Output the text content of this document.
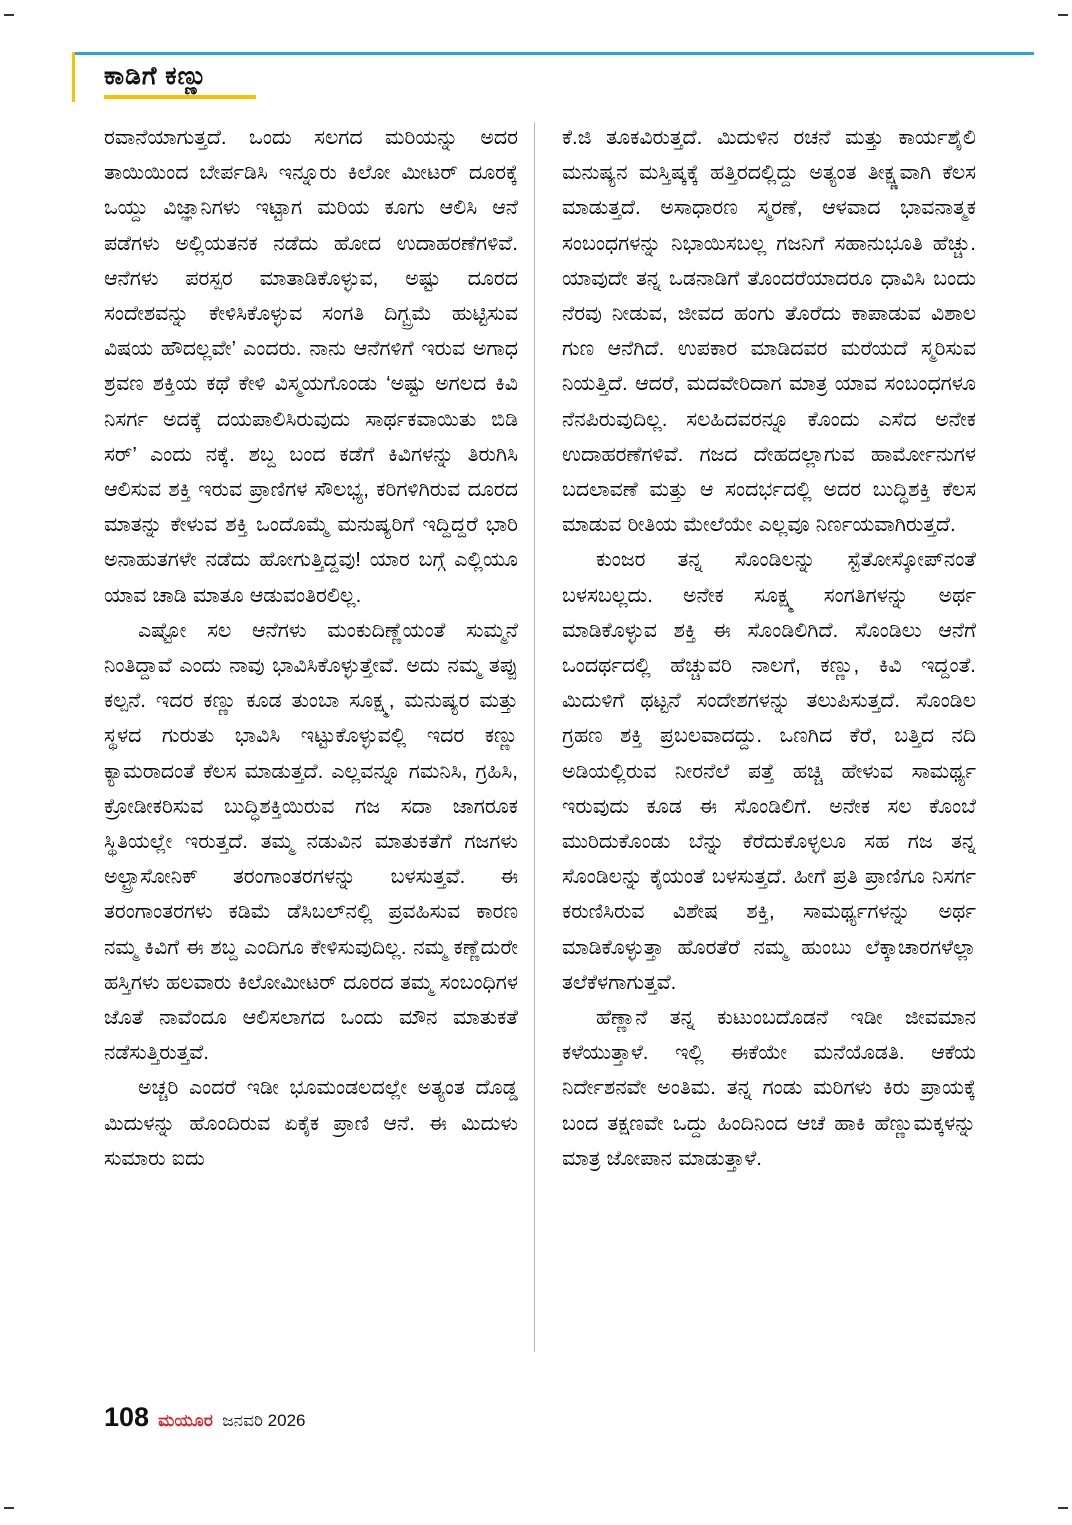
ಕಾಡಿಗೆ ಕಣ್ಣು

ರವಾನೆಯಾಗುತ್ತದೆ. ಒಂದು ಸಲಗದ ಮರಿಯನ್ನು ಅದರ ತಾಯಿಯಿಂದ ಬೇರ್ಪಡಿಸಿ ಇನ್ನೂರು ಕಿಲೋ ಮೀಟರ್ ದೂರಕ್ಕೆ ಒಯ್ದು ವಿಜ್ಞಾನಿಗಳು ಇಟ್ಟಾಗ ಮರಿಯ ಕೂಗು ಆಲಿಸಿ ಆನೆ ಪಡೆಗಳು ಅಲ್ಲಿಯತನಕ ನಡೆದು ಹೋದ ಉದಾಹರಣೆಗಳಿವೆ. ಆನೆಗಳು ಪರಸ್ಪರ ಮಾತಾಡಿಕೊಳ್ಳುವ, ಅಷ್ಟು ದೂರದ ಸಂದೇಶವನ್ನು ಕೇಳಿಸಿಕೊಳ್ಳುವ ಸಂಗತಿ ದಿಗ್ಬ್ರಮೆ ಹುಟ್ಟಿಸುವ ವಿಷಯ ಹೌದಲ್ಲವೇ’ ಎಂದರು. ನಾನು ಆನೆಗಳಿಗೆ ಇರುವ ಅಗಾಧ ಶ್ರವಣ ಶಕ್ತಿಯ ಕಥೆ ಕೇಳಿ ವಿಸ್ಮಯಗೊಂಡು ‘ಅಷ್ಟು ಅಗಲದ ಕಿವಿ ನಿಸರ್ಗ ಅದಕ್ಕೆ ದಯಪಾಲಿಸಿರುವುದು ಸಾರ್ಥಕವಾಯಿತು ಬಿಡಿ ಸರ್’ ಎಂದು ನಕ್ಕೆ. ಶಬ್ದ ಬಂದ ಕಡೆಗೆ ಕಿವಿಗಳನ್ನು ತಿರುಗಿಸಿ ಆಲಿಸುವ ಶಕ್ತಿ ಇರುವ ಪ್ರಾಣಿಗಳ ಸೌಲಭ್ಯ, ಕರಿಗಳಿಗಿರುವ ದೂರದ ಮಾತನ್ನು ಕೇಳುವ ಶಕ್ತಿ ಒಂದೊಮ್ಮೆ ಮನುಷ್ಯರಿಗೆ ಇದ್ದಿದ್ದರೆ ಭಾರಿ ಅನಾಹುತಗಳೇ ನಡೆದು ಹೋಗುತ್ತಿದ್ದವು! ಯಾರ ಬಗ್ಗೆ ಎಲ್ಲಿಯೂ ಯಾವ ಚಾಡಿ ಮಾತೂ ಆಡುವಂತಿರಲಿಲ್ಲ.

ಎಷ್ಟೋ ಸಲ ಆನೆಗಳು ಮಂಕುದಿಣ್ಣೆಯಂತೆ ಸುಮ್ಮನೆ ನಿಂತಿದ್ದಾವೆ ಎಂದು ನಾವು ಭಾವಿಸಿಕೊಳ್ಳುತ್ತೇವೆ. ಅದು ನಮ್ಮ ತಪ್ಪು ಕಲ್ಪನೆ. ಇದರ ಕಣ್ಣು ಕೂಡ ತುಂಬಾ ಸೂಕ್ಷ್ಮ, ಮನುಷ್ಯರ ಮತ್ತು ಸ್ಥಳದ ಗುರುತು ಭಾವಿಸಿ ಇಟ್ಟುಕೊಳ್ಳುವಲ್ಲಿ ಇದರ ಕಣ್ಣು ಕ್ಯಾಮರಾದಂತೆ ಕೆಲಸ ಮಾಡುತ್ತದೆ. ಎಲ್ಲವನ್ನೂ ಗಮನಿಸಿ, ಗ್ರಹಿಸಿ, ಕ್ರೋಡೀಕರಿಸುವ ಬುದ್ಧಿಶಕ್ತಿಯಿರುವ ಗಜ ಸದಾ ಜಾಗರೂಕ ಸ್ಥಿತಿಯಲ್ಲೇ ಇರುತ್ತದೆ. ತಮ್ಮ ನಡುವಿನ ಮಾತುಕತೆಗೆ ಗಜಗಳು ಅಲ್ಟ್ರಾಸೋನಿಕ್ ತರಂಗಾಂತರಗಳನ್ನು ಬಳಸುತ್ತವೆ. ಈ ತರಂಗಾಂತರಗಳು ಕಡಿಮೆ ಡೆಸಿಬಲ್‌ನಲ್ಲಿ ಪ್ರವಹಿಸುವ ಕಾರಣ ನಮ್ಮ ಕಿವಿಗೆ ಈ ಶಬ್ದ ಎಂದಿಗೂ ಕೇಳಿಸುವುದಿಲ್ಲ. ನಮ್ಮ ಕಣ್ಣೆದುರೇ ಹಸ್ತಿಗಳು ಹಲವಾರು ಕಿಲೋಮೀಟರ್ ದೂರದ ತಮ್ಮ ಸಂಬಂಧಿಗಳ ಜೊತೆ ನಾವೆಂದೂ ಆಲಿಸಲಾಗದ ಒಂದು ಮೌನ ಮಾತುಕತೆ ನಡೆಸುತ್ತಿರುತ್ತವೆ.

ಅಚ್ಚರಿ ಎಂದರೆ ಇಡೀ ಭೂಮಂಡಲದಲ್ಲೇ ಅತ್ಯಂತ ದೊಡ್ಡ ಮಿದುಳನ್ನು ಹೊಂದಿರುವ ಏಕೈಕ ಪ್ರಾಣಿ ಆನೆ. ಈ ಮಿದುಳು ಸುಮಾರು ಐದು

ಕೆ.ಜಿ ತೂಕವಿರುತ್ತದೆ. ಮಿದುಳಿನ ರಚನೆ ಮತ್ತು ಕಾರ್ಯಶೈಲಿ ಮನುಷ್ಯನ ಮಸ್ತಿಷ್ಕಕ್ಕೆ ಹತ್ತಿರದಲ್ಲಿದ್ದು ಅತ್ಯಂತ ತೀಕ್ಷ್ಣವಾಗಿ ಕೆಲಸ ಮಾಡುತ್ತದೆ. ಅಸಾಧಾರಣ ಸ್ಮರಣೆ, ಆಳವಾದ ಭಾವನಾತ್ಮಕ ಸಂಬಂಧಗಳನ್ನು ನಿಭಾಯಿಸಬಲ್ಲ ಗಜನಿಗೆ ಸಹಾನುಭೂತಿ ಹೆಚ್ಚು. ಯಾವುದೇ ತನ್ನ ಒಡನಾಡಿಗೆ ತೊಂದರೆಯಾದರೂ ಧಾವಿಸಿ ಬಂದು ನೆರವು ನೀಡುವ, ಜೀವದ ಹಂಗು ತೊರೆದು ಕಾಪಾಡುವ ವಿಶಾಲ ಗುಣ ಆನೆಗಿದೆ. ಉಪಕಾರ ಮಾಡಿದವರ ಮರೆಯದೆ ಸ್ಮರಿಸುವ ನಿಯತ್ತಿದೆ. ಆದರೆ, ಮದವೇರಿದಾಗ ಮಾತ್ರ ಯಾವ ಸಂಬಂಧಗಳೂ ನೆನಪಿರುವುದಿಲ್ಲ. ಸಲಹಿದವರನ್ನೂ ಕೊಂದು ಎಸೆದ ಅನೇಕ ಉದಾಹರಣೆಗಳಿವೆ. ಗಜದ ದೇಹದಲ್ಲಾಗುವ ಹಾರ್ಮೋನುಗಳ ಬದಲಾವಣೆ ಮತ್ತು ಆ ಸಂದರ್ಭದಲ್ಲಿ ಅದರ ಬುದ್ಧಿಶಕ್ತಿ ಕೆಲಸ ಮಾಡುವ ರೀತಿಯ ಮೇಲೆಯೇ ಎಲ್ಲವೂ ನಿರ್ಣಯವಾಗಿರುತ್ತದೆ.

ಕುಂಜರ ತನ್ನ ಸೊಂಡಿಲನ್ನು ಸ್ಟೆತೋಸ್ಕೋಪ್‌ನಂತೆ ಬಳಸಬಲ್ಲದು. ಅನೇಕ ಸೂಕ್ಷ್ಮ ಸಂಗತಿಗಳನ್ನು ಅರ್ಥ ಮಾಡಿಕೊಳ್ಳುವ ಶಕ್ತಿ ಈ ಸೊಂಡಿಲಿಗಿದೆ. ಸೊಂಡಿಲು ಆನೆಗೆ ಒಂದರ್ಥದಲ್ಲಿ ಹೆಚ್ಚುವರಿ ನಾಲಗೆ, ಕಣ್ಣು, ಕಿವಿ ಇದ್ದಂತೆ. ಮಿದುಳಿಗೆ ಥಟ್ಟನೆ ಸಂದೇಶಗಳನ್ನು ತಲುಪಿಸುತ್ತದೆ. ಸೊಂಡಿಲ ಗ್ರಹಣ ಶಕ್ತಿ ಪ್ರಬಲವಾದದ್ದು. ಒಣಗಿದ ಕೆರೆ, ಬತ್ತಿದ ನದಿ ಅಡಿಯಲ್ಲಿರುವ ನೀರನೆಲೆ ಪತ್ತೆ ಹಚ್ಚಿ ಹೇಳುವ ಸಾಮರ್ಥ್ಯ ಇರುವುದು ಕೂಡ ಈ ಸೊಂಡಿಲಿಗೆ. ಅನೇಕ ಸಲ ಕೊಂಬೆ ಮುರಿದುಕೊಂಡು ಬೆನ್ನು ಕೆರೆದುಕೊಳ್ಳಲೂ ಸಹ ಗಜ ತನ್ನ ಸೊಂಡಿಲನ್ನು ಕೈಯಂತೆ ಬಳಸುತ್ತದೆ. ಹೀಗೆ ಪ್ರತಿ ಪ್ರಾಣಿಗೂ ನಿಸರ್ಗ ಕರುಣಿಸಿರುವ ವಿಶೇಷ ಶಕ್ತಿ, ಸಾಮರ್ಥ್ಯಗಳನ್ನು ಅರ್ಥ ಮಾಡಿಕೊಳ್ಳುತ್ತಾ ಹೊರತೆರೆ ನಮ್ಮ ಹುಂಬು ಲೆಕ್ಕಾಚಾರಗಳೆಲ್ಲಾ ತಲೆಕೆಳಗಾಗುತ್ತವೆ.

ಹೆಣ್ಣಾನೆ ತನ್ನ ಕುಟುಂಬದೊಡನೆ ಇಡೀ ಜೀವಮಾನ ಕಳೆಯುತ್ತಾಳೆ. ಇಲ್ಲಿ ಈಕೆಯೇ ಮನೆಯೊಡತಿ. ಆಕೆಯ ನಿರ್ದೇಶನವೇ ಅಂತಿಮ. ತನ್ನ ಗಂಡು ಮರಿಗಳು ಕಿರು ಪ್ರಾಯಕ್ಕೆ ಬಂದ ತಕ್ಷಣವೇ ಒದ್ದು ಹಿಂದಿನಿಂದ ಆಚೆ ಹಾಕಿ ಹೆಣ್ಣುಮಕ್ಕಳನ್ನು ಮಾತ್ರ ಜೋಪಾನ ಮಾಡುತ್ತಾಳೆ.

108 ಮಯೂರ ಜನವರಿ 2026
